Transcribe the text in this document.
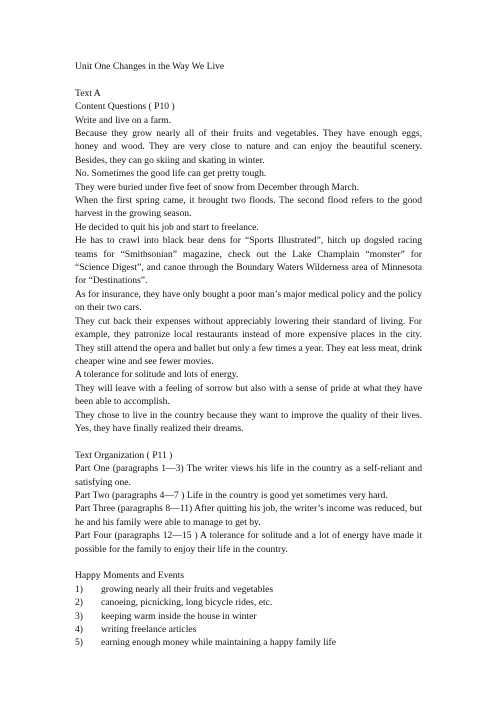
Unit One Changes in the Way We Live

Text A

Content Questions ( P10 )

Write and live on a farm.

Because they grow nearly all of their fruits and vegetables. They have enough eggs, honey and wood. They are very close to nature and can enjoy the beautiful scenery. Besides, they can go skiing and skating in winter.

No. Sometimes the good life can get pretty tough.

They were buried under five feet of snow from December through March.

When the first spring came, it brought two floods. The second flood refers to the good harvest in the growing season.

He decided to quit his job and start to freelance.

He has to crawl into black bear dens for “Sports Illustrated”, hitch up dogsled racing teams for “Smithsonian” magazine, check out the Lake Champlain “monster” for “Science Digest”, and canoe through the Boundary Waters Wilderness area of Minnesota for “Destinations”.

As for insurance, they have only bought a poor man’s major medical policy and the policy on their two cars.

They cut back their expenses without appreciably lowering their standard of living. For example, they patronize local restaurants instead of more expensive places in the city. They still attend the opera and ballet but only a few times a year. They eat less meat, drink cheaper wine and see fewer movies.

A tolerance for solitude and lots of energy.

They will leave with a feeling of sorrow but also with a sense of pride at what they have been able to accomplish.

They chose to live in the country because they want to improve the quality of their lives. Yes, they have finally realized their dreams.

Text Organization ( P11 )

Part One (paragraphs 1—3) The writer views his life in the country as a self-reliant and satisfying one.

Part Two (paragraphs 4—7 ) Life in the country is good yet sometimes very hard.

Part Three (paragraphs 8—11) After quitting his job, the writer’s income was reduced, but he and his family were able to manage to get by.

Part Four (paragraphs 12—15 ) A tolerance for solitude and a lot of energy have made it possible for the family to enjoy their life in the country.

Happy Moments and Events

1)	growing nearly all their fruits and vegetables
2)	canoeing, picnicking, long bicycle rides, etc.
3)	keeping warm inside the house in winter
4)	writing freelance articles
5)	earning enough money while maintaining a happy family life
